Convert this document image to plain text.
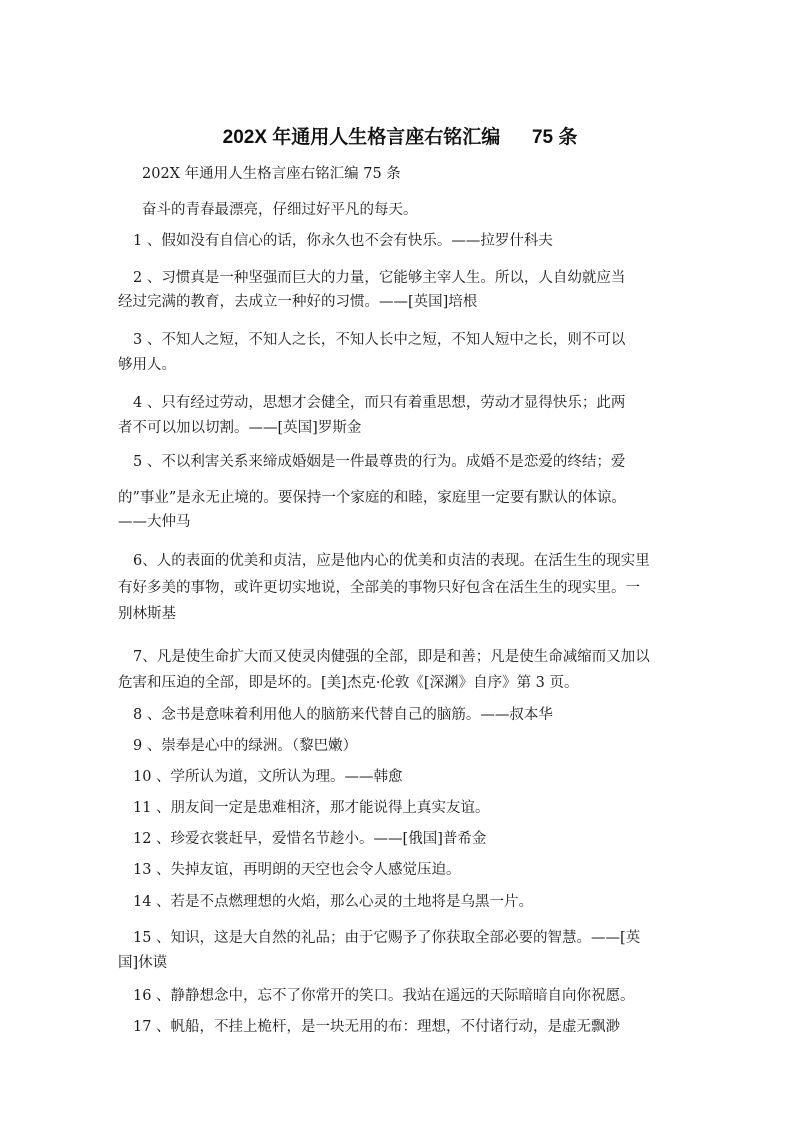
202X 年通用人生格言座右铭汇编      75 条
202X 年通用人生格言座右铭汇编 75 条
奋斗的青春最漂亮，仔细过好平凡的每天。
1 、假如没有自信心的话，你永久也不会有快乐。——拉罗什科夫
2 、习惯真是一种坚强而巨大的力量，它能够主宰人生。所以，人自幼就应当
经过完满的教育，去成立一种好的习惯。——[英国]培根
3 、不知人之短，不知人之长，不知人长中之短，不知人短中之长，则不可以
够用人。
4 、只有经过劳动，思想才会健全，而只有着重思想，劳动才显得快乐；此两
者不可以加以切割。——[英国]罗斯金
5 、不以利害关系来缔成婚姻是一件最尊贵的行为。成婚不是恋爱的终结；爱
的”事业”是永无止境的。要保持一个家庭的和睦，家庭里一定要有默认的体谅。
——大仲马
6、人的表面的优美和贞洁，应是他内心的优美和贞洁的表现。在活生生的现实里
有好多美的事物，或许更切实地说，全部美的事物只好包含在活生生的现实里。一
别林斯基
7、凡是使生命扩大而又使灵肉健强的全部，即是和善；凡是使生命减缩而又加以
危害和压迫的全部，即是坏的。[美]杰克·伦敦《[深渊》自序》第 3 页。
8 、念书是意味着利用他人的脑筋来代替自己的脑筋。——叔本华
9 、崇奉是心中的绿洲。（黎巴嫩）
10 、学所认为道，文所认为理。——韩愈
11 、朋友间一定是患难相济，那才能说得上真实友谊。
12 、珍爱衣裳赶早，爱惜名节趁小。——[俄国]普希金
13 、失掉友谊，再明朗的天空也会令人感觉压迫。
14 、若是不点燃理想的火焰，那么心灵的土地将是乌黑一片。
15 、知识，这是大自然的礼品；由于它赐予了你获取全部必要的智慧。——[英
国]休谟
16 、静静想念中，忘不了你常开的笑口。我站在遥远的天际暗暗自向你祝愿。
17 、帆船，不挂上桅杆，是一块无用的布：理想，不付诸行动，是虚无飘渺
